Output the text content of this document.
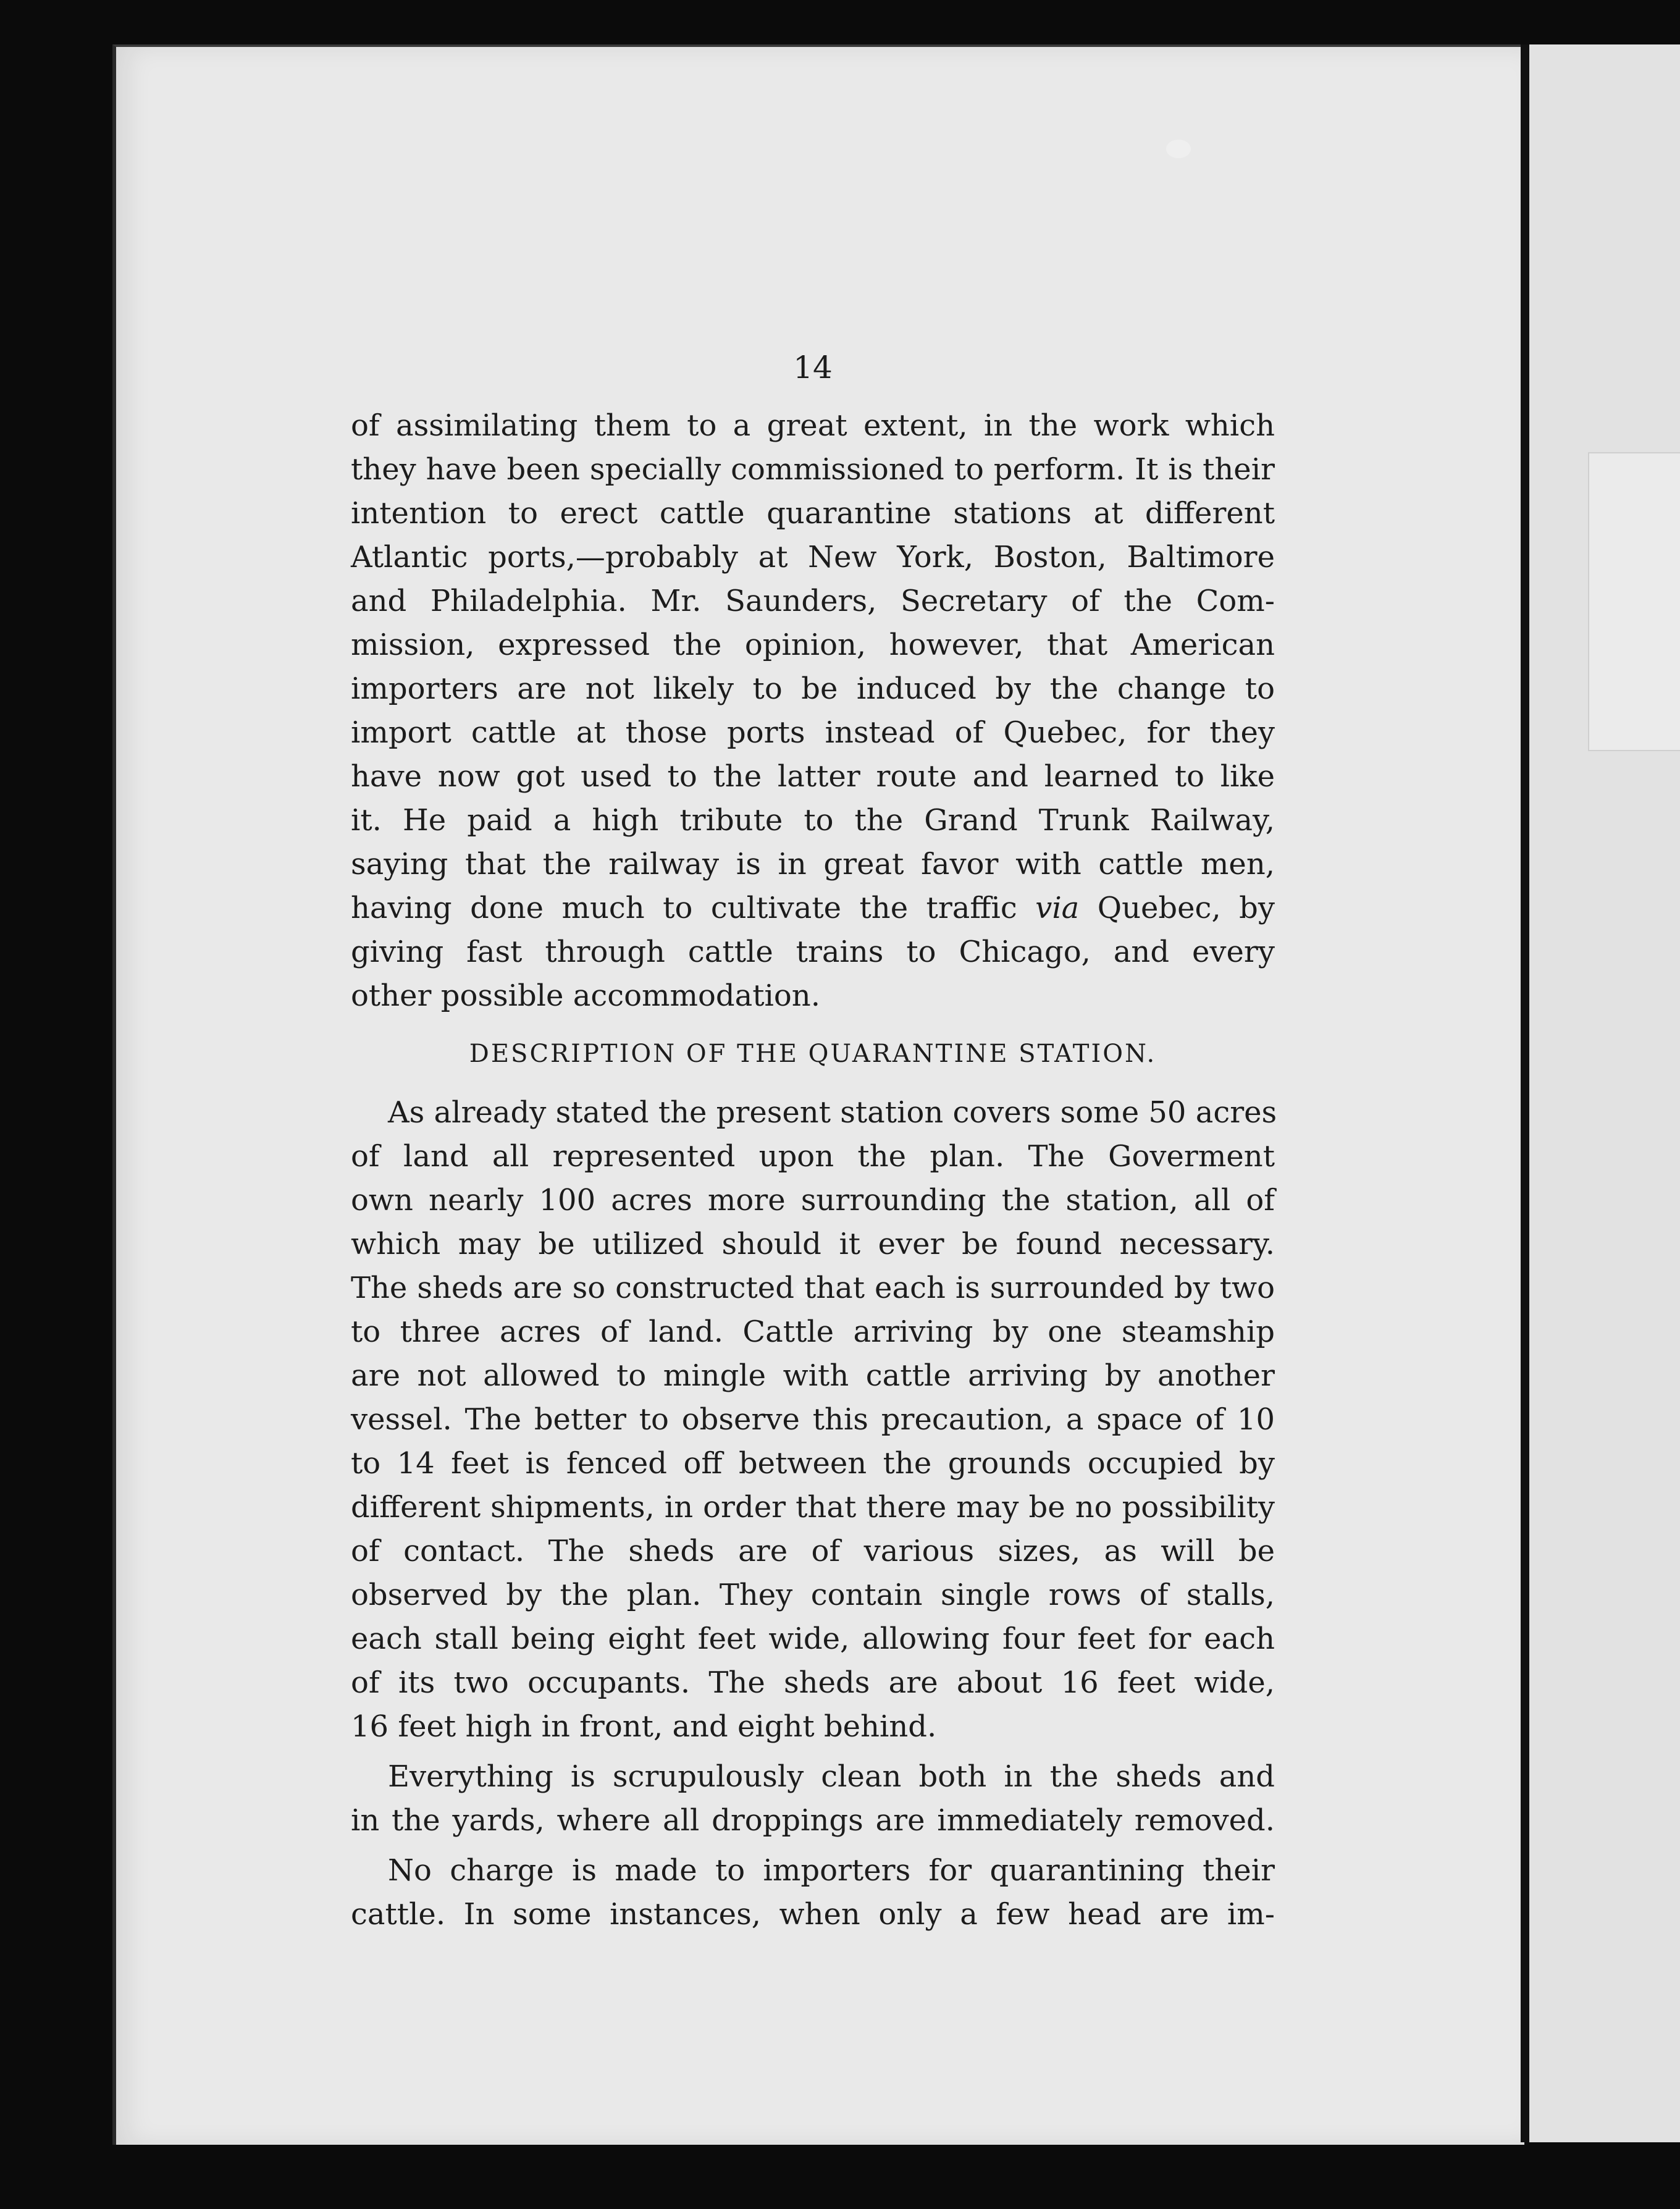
14
of assimilating them to a great extent, in the work which
they have been specially commissioned to perform. It is their
intention to erect cattle quarantine stations at different
Atlantic ports,—probably at New York, Boston, Baltimore
and Philadelphia. Mr. Saunders, Secretary of the Com-
mission, expressed the opinion, however, that American
importers are not likely to be induced by the change to
import cattle at those ports instead of Quebec, for they
have now got used to the latter route and learned to like
it. He paid a high tribute to the Grand Trunk Railway,
saying that the railway is in great favor with cattle men,
having done much to cultivate the traffic via Quebec, by
giving fast through cattle trains to Chicago, and every
other possible accommodation.
DESCRIPTION OF THE QUARANTINE STATION.
As already stated the present station covers some 50 acres
of land all represented upon the plan. The Goverment
own nearly 100 acres more surrounding the station, all of
which may be utilized should it ever be found necessary.
The sheds are so constructed that each is surrounded by two
to three acres of land. Cattle arriving by one steamship
are not allowed to mingle with cattle arriving by another
vessel. The better to observe this precaution, a space of 10
to 14 feet is fenced off between the grounds occupied by
different shipments, in order that there may be no possibility
of contact. The sheds are of various sizes, as will be
observed by the plan. They contain single rows of stalls,
each stall being eight feet wide, allowing four feet for each
of its two occupants. The sheds are about 16 feet wide,
16 feet high in front, and eight behind.
Everything is scrupulously clean both in the sheds and
in the yards, where all droppings are immediately removed.
No charge is made to importers for quarantining their
cattle. In some instances, when only a few head are im-
